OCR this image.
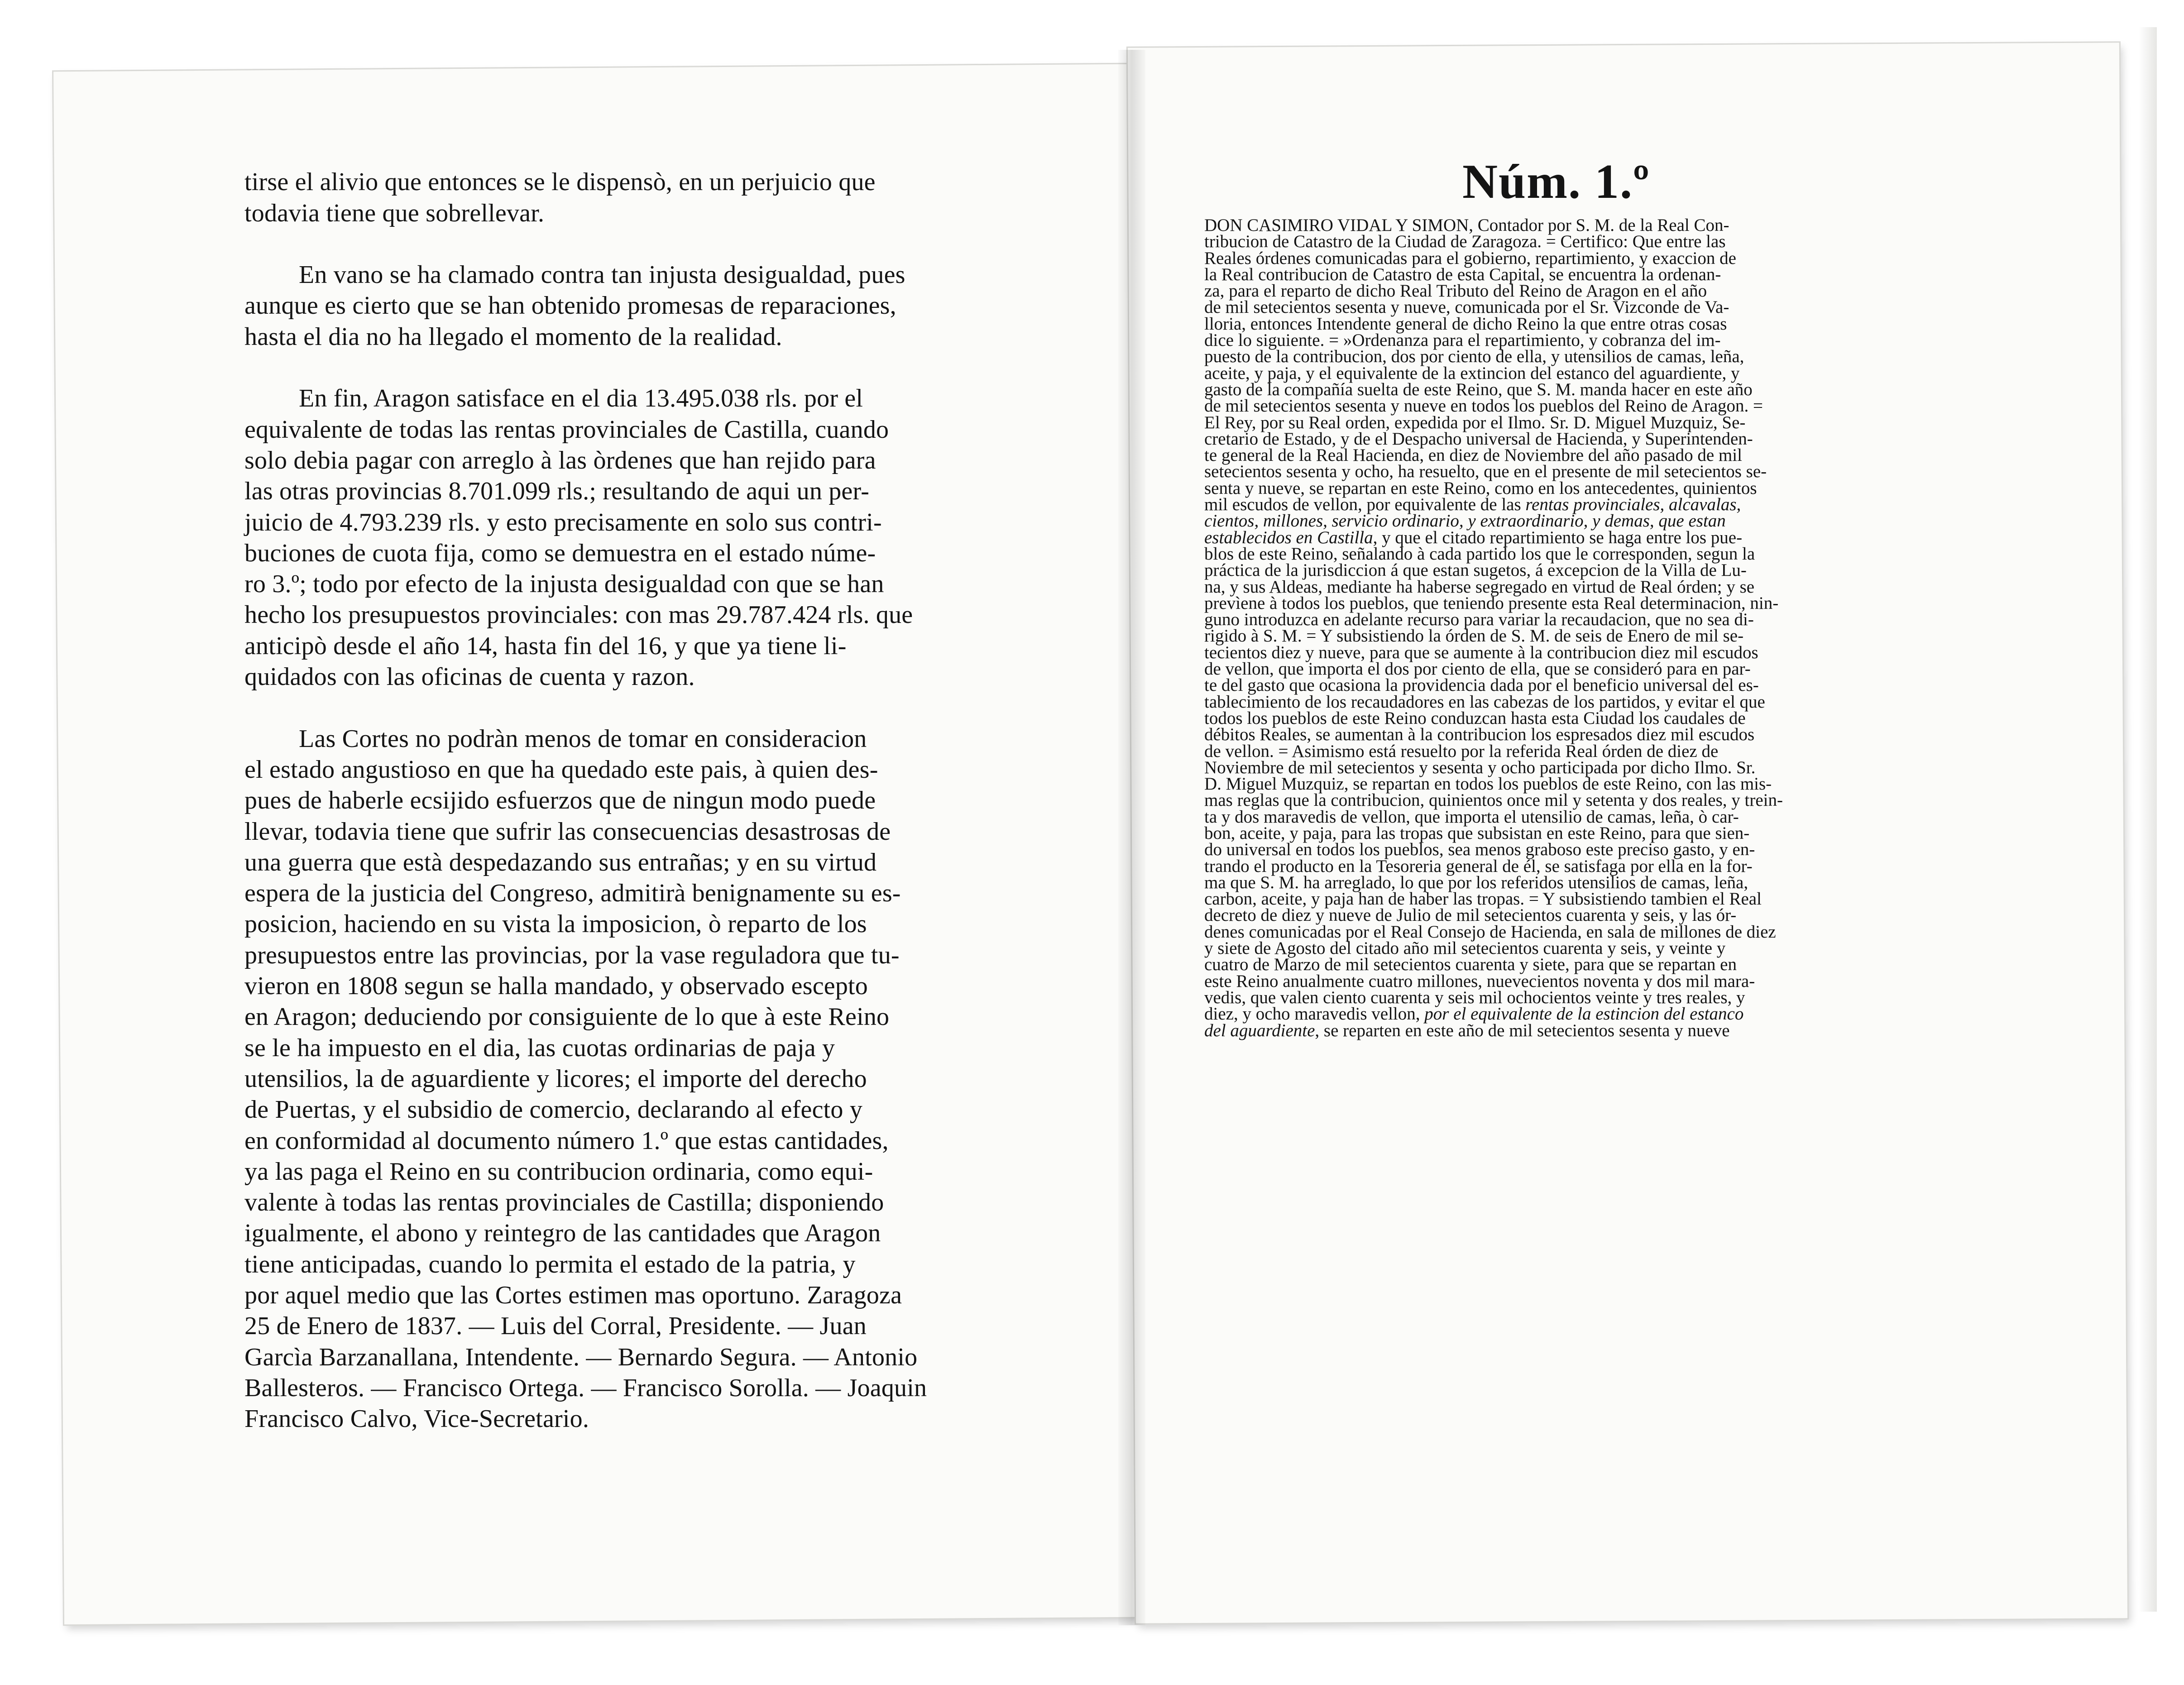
tirse el alivio que entonces se le dispensò, en un perjuicio que
todavia tiene que sobrellevar.

En vano se ha clamado contra tan injusta desigualdad, pues
aunque es cierto que se han obtenido promesas de reparaciones,
hasta el dia no ha llegado el momento de la realidad.

En fin, Aragon satisface en el dia 13.495.038 rls. por el
equivalente de todas las rentas provinciales de Castilla, cuando
solo debia pagar con arreglo à las òrdenes que han rejido para
las otras provincias 8.701.099 rls.; resultando de aqui un per-
juicio de 4.793.239 rls. y esto precisamente en solo sus contri-
buciones de cuota fija, como se demuestra en el estado núme-
ro 3.º; todo por efecto de la injusta desigualdad con que se han
hecho los presupuestos provinciales: con mas 29.787.424 rls. que
anticipò desde el año 14, hasta fin del 16, y que ya tiene li-
quidados con las oficinas de cuenta y razon.

Las Cortes no podràn menos de tomar en consideracion
el estado angustioso en que ha quedado este pais, à quien des-
pues de haberle ecsijido esfuerzos que de ningun modo puede
llevar, todavia tiene que sufrir las consecuencias desastrosas de
una guerra que està despedazando sus entrañas; y en su virtud
espera de la justicia del Congreso, admitirà benignamente su es-
posicion, haciendo en su vista la imposicion, ò reparto de los
presupuestos entre las provincias, por la vase reguladora que tu-
vieron en 1808 segun se halla mandado, y observado escepto
en Aragon; deduciendo por consiguiente de lo que à este Reino
se le ha impuesto en el dia, las cuotas ordinarias de paja y
utensilios, la de aguardiente y licores; el importe del derecho
de Puertas, y el subsidio de comercio, declarando al efecto y
en conformidad al documento número 1.º que estas cantidades,
ya las paga el Reino en su contribucion ordinaria, como equi-
valente à todas las rentas provinciales de Castilla; disponiendo
igualmente, el abono y reintegro de las cantidades que Aragon
tiene anticipadas, cuando lo permita el estado de la patria, y
por aquel medio que las Cortes estimen mas oportuno. Zaragoza
25 de Enero de 1837. — Luis del Corral, Presidente. — Juan
Garcìa Barzanallana, Intendente. — Bernardo Segura. — Antonio
Ballesteros. — Francisco Ortega. — Francisco Sorolla. — Joaquin
Francisco Calvo, Vice-Secretario.

Núm. 1.º
DON CASIMIRO VIDAL Y SIMON, Contador por S. M. de la Real Con-
tribucion de Catastro de la Ciudad de Zaragoza. = Certifico: Que entre las
Reales órdenes comunicadas para el gobierno, repartimiento, y exaccion de
la Real contribucion de Catastro de esta Capital, se encuentra la ordenan-
za, para el reparto de dicho Real Tributo del Reino de Aragon en el año
de mil setecientos sesenta y nueve, comunicada por el Sr. Vizconde de Va-
lloria, entonces Intendente general de dicho Reino la que entre otras cosas
dice lo siguiente. = »Ordenanza para el repartimiento, y cobranza del im-
puesto de la contribucion, dos por ciento de ella, y utensilios de camas, leña,
aceite, y paja, y el equivalente de la extincion del estanco del aguardiente, y
gasto de la compañía suelta de este Reino, que S. M. manda hacer en este año
de mil setecientos sesenta y nueve en todos los pueblos del Reino de Aragon. =
El Rey, por su Real orden, expedida por el Ilmo. Sr. D. Miguel Muzquiz, Se-
cretario de Estado, y de el Despacho universal de Hacienda, y Superintenden-
te general de la Real Hacienda, en diez de Noviembre del año pasado de mil
setecientos sesenta y ocho, ha resuelto, que en el presente de mil setecientos se-
senta y nueve, se repartan en este Reino, como en los antecedentes, quinientos
mil escudos de vellon, por equivalente de las rentas provinciales, alcavalas,
cientos, millones, servicio ordinario, y extraordinario, y demas, que estan
establecidos en Castilla, y que el citado repartimiento se haga entre los pue-
blos de este Reino, señalando à cada partido los que le corresponden, segun la
práctica de la jurisdiccion á que estan sugetos, á excepcion de la Villa de Lu-
na, y sus Aldeas, mediante ha haberse segregado en virtud de Real órden; y se
prevìene à todos los pueblos, que teniendo presente esta Real determinacion, nin-
guno introduzca en adelante recurso para variar la recaudacion, que no sea di-
rigido à S. M. = Y subsistiendo la órden de S. M. de seis de Enero de mil se-
tecientos diez y nueve, para que se aumente à la contribucion diez mil escudos
de vellon, que importa el dos por ciento de ella, que se consideró para en par-
te del gasto que ocasiona la providencia dada por el beneficio universal del es-
tablecimiento de los recaudadores en las cabezas de los partidos, y evitar el que
todos los pueblos de este Reino conduzcan hasta esta Ciudad los caudales de
débitos Reales, se aumentan à la contribucion los espresados diez mil escudos
de vellon. = Asimismo está resuelto por la referida Real órden de diez de
Noviembre de mil setecientos y sesenta y ocho participada por dicho Ilmo. Sr.
D. Miguel Muzquiz, se repartan en todos los pueblos de este Reino, con las mis-
mas reglas que la contribucion, quinientos once mil y setenta y dos reales, y trein-
ta y dos maravedis de vellon, que importa el utensilio de camas, leña, ò car-
bon, aceite, y paja, para las tropas que subsistan en este Reino, para que sien-
do universal en todos los pueblos, sea menos graboso este preciso gasto, y en-
trando el producto en la Tesoreria general de él, se satisfaga por ella en la for-
ma que S. M. ha arreglado, lo que por los referidos utensilios de camas, leña,
carbon, aceite, y paja han de haber las tropas. = Y subsistiendo tambien el Real
decreto de diez y nueve de Julio de mil setecientos cuarenta y seis, y las ór-
denes comunicadas por el Real Consejo de Hacienda, en sala de millones de diez
y siete de Agosto del citado año mil setecientos cuarenta y seis, y veinte y
cuatro de Marzo de mil setecientos cuarenta y siete, para que se repartan en
este Reino anualmente cuatro millones, nuevecientos noventa y dos mil mara-
vedis, que valen ciento cuarenta y seis mil ochocientos veinte y tres reales, y
diez, y ocho maravedis vellon, por el equivalente de la estincion del estanco
del aguardiente, se reparten en este año de mil setecientos sesenta y nueve
